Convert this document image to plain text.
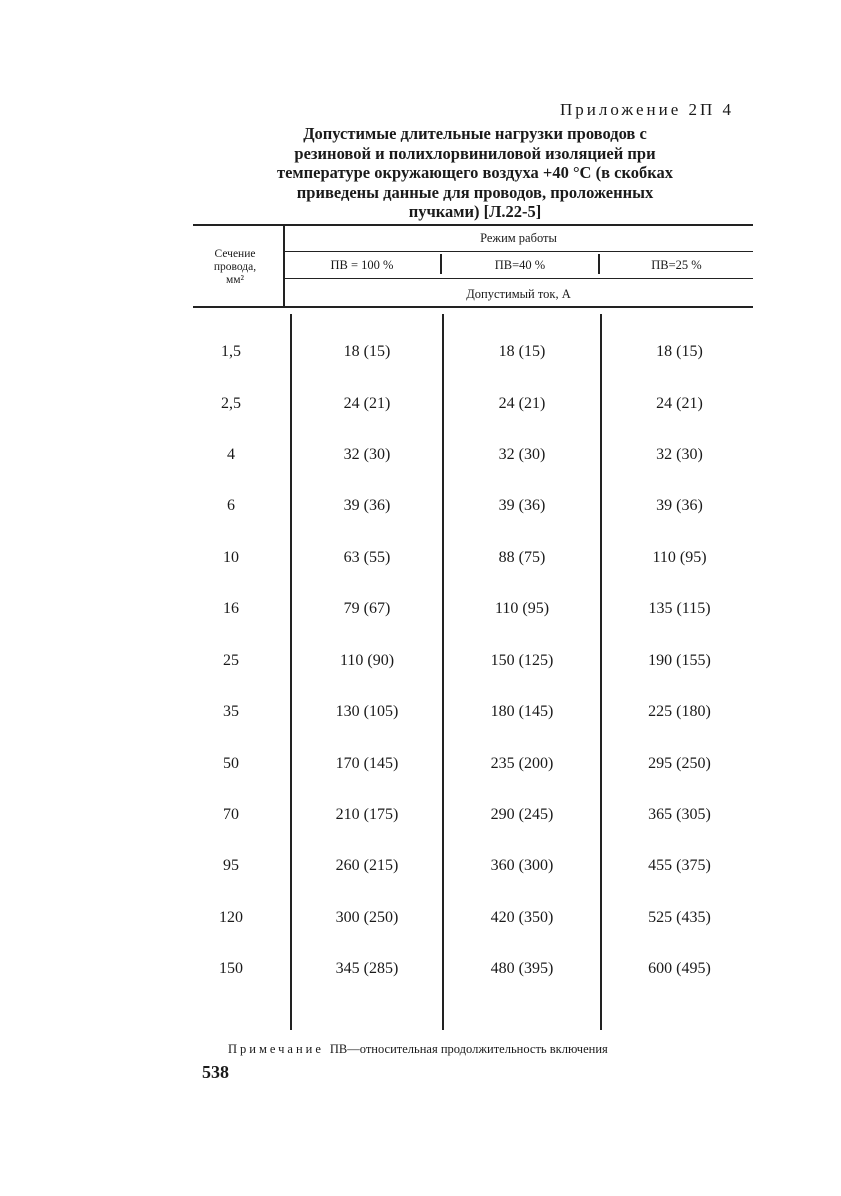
Приложение 2П 4
Допустимые длительные нагрузки проводов с
резиновой и полихлорвиниловой изоляцией при
температуре окружающего воздуха +40 °С (в скобках
приведены данные для проводов, проложенных
пучками) [Л.22-5]
Сечение
провода,
мм²
Режим работы
ПВ = 100 %	ПВ=40 %	ПВ=25 %
Допустимый ток, А
1,5	18 (15)	18 (15)	18 (15)
2,5	24 (21)	24 (21)	24 (21)
4	32 (30)	32 (30)	32 (30)
6	39 (36)	39 (36)	39 (36)
10	63 (55)	88 (75)	110 (95)
16	79 (67)	110 (95)	135 (115)
25	110 (90)	150 (125)	190 (155)
35	130 (105)	180 (145)	225 (180)
50	170 (145)	235 (200)	295 (250)
70	210 (175)	290 (245)	365 (305)
95	260 (215)	360 (300)	455 (375)
120	300 (250)	420 (350)	525 (435)
150	345 (285)	480 (395)	600 (495)
Примечание ПВ—относительная продолжительность включения
538
